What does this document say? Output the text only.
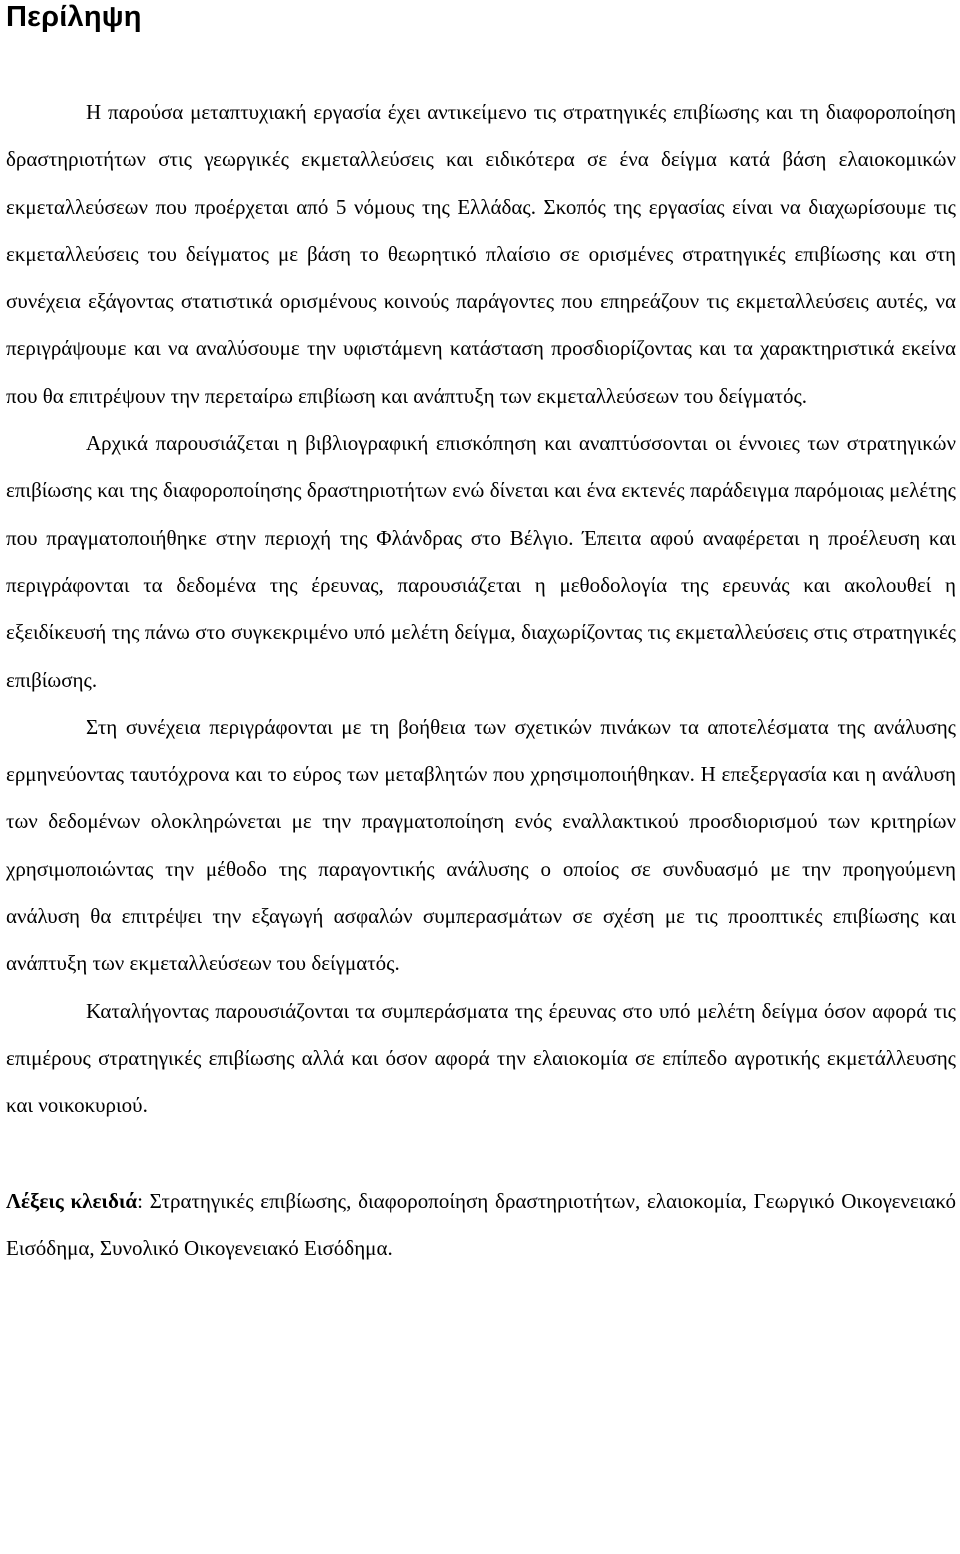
Περίληψη

Η παρούσα μεταπτυχιακή εργασία έχει αντικείμενο τις στρατηγικές επιβίωσης και τη διαφοροποίηση δραστηριοτήτων στις γεωργικές εκμεταλλεύσεις και ειδικότερα σε ένα δείγμα κατά βάση ελαιοκομικών εκμεταλλεύσεων που προέρχεται από 5 νόμους της Ελλάδας. Σκοπός της εργασίας είναι να διαχωρίσουμε τις εκμεταλλεύσεις του δείγματος με βάση το θεωρητικό πλαίσιο σε ορισμένες στρατηγικές επιβίωσης και στη συνέχεια εξάγοντας στατιστικά ορισμένους κοινούς παράγοντες που επηρεάζουν τις εκμεταλλεύσεις αυτές, να περιγράψουμε και να αναλύσουμε την υφιστάμενη κατάσταση προσδιορίζοντας και τα χαρακτηριστικά εκείνα που θα επιτρέψουν την περεταίρω επιβίωση και ανάπτυξη των εκμεταλλεύσεων του δείγματός.

Αρχικά παρουσιάζεται η βιβλιογραφική επισκόπηση και αναπτύσσονται οι έννοιες των στρατηγικών επιβίωσης και της διαφοροποίησης δραστηριοτήτων ενώ δίνεται και ένα εκτενές παράδειγμα παρόμοιας μελέτης που πραγματοποιήθηκε στην περιοχή της Φλάνδρας στο Βέλγιο. Έπειτα αφού αναφέρεται η προέλευση και περιγράφονται τα δεδομένα της έρευνας, παρουσιάζεται η μεθοδολογία της ερευνάς και ακολουθεί η εξειδίκευσή της πάνω στο συγκεκριμένο υπό μελέτη δείγμα, διαχωρίζοντας τις εκμεταλλεύσεις στις στρατηγικές επιβίωσης.

Στη συνέχεια περιγράφονται με τη βοήθεια των σχετικών πινάκων τα αποτελέσματα της ανάλυσης ερμηνεύοντας ταυτόχρονα και το εύρος των μεταβλητών που χρησιμοποιήθηκαν. Η επεξεργασία και η ανάλυση των δεδομένων ολοκληρώνεται με την πραγματοποίηση ενός εναλλακτικού προσδιορισμού των κριτηρίων χρησιμοποιώντας την μέθοδο της παραγοντικής ανάλυσης ο οποίος σε συνδυασμό με την προηγούμενη ανάλυση θα επιτρέψει την εξαγωγή ασφαλών συμπερασμάτων σε σχέση με τις προοπτικές επιβίωσης και ανάπτυξη των εκμεταλλεύσεων του δείγματός.

Καταλήγοντας παρουσιάζονται τα συμπεράσματα της έρευνας στο υπό μελέτη δείγμα όσον αφορά τις επιμέρους στρατηγικές επιβίωσης αλλά και όσον αφορά την ελαιοκομία σε επίπεδο αγροτικής εκμετάλλευσης και νοικοκυριού.

Λέξεις κλειδιά: Στρατηγικές επιβίωσης, διαφοροποίηση δραστηριοτήτων, ελαιοκομία, Γεωργικό Οικογενειακό Εισόδημα, Συνολικό Οικογενειακό Εισόδημα.
